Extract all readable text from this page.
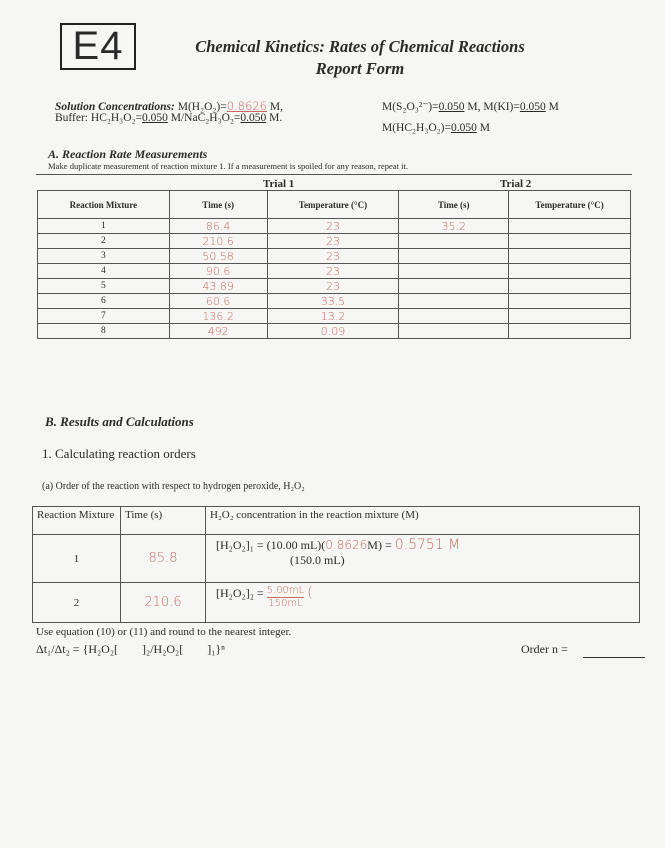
E4	Chemical Kinetics: Rates of Chemical Reactions
Report Form
Solution Concentrations: M(H₂O₂)=0.8626 M,	M(S₂O₃²⁻)=0.050 M, M(KI)=0.050 M
Buffer: HC₂H₃O₂=0.050 M/NaC₂H₃O₂=0.050 M.
M(HC₂H₃O₂)=0.050 M
A. Reaction Rate Measurements
Make duplicate measurement of reaction mixture 1. If a measurement is spoiled for any reason, repeat it.
Trial 1	Trial 2
Reaction Mixture	Time (s)	Temperature (°C)	Time (s)	Temperature (°C)
1	86.4	23	35.2	
2	210.6	23		
3	50.58	23		
4	90.6	23		
5	43.89	23		
6	60.6	33.5		
7	136.2	13.2		
8	492	0.09		
B. Results and Calculations
1. Calculating reaction orders
(a) Order of the reaction with respect to hydrogen peroxide, H₂O₂
Reaction Mixture	Time (s)	H₂O₂ concentration in the reaction mixture (M)
1	85.8	[H₂O₂]₁ = (10.00 mL)(0.8626M) = 0.5751 M
(150.0 mL)

2	210.6	$[H_2O_2]_2 = \frac{5.00mL}{150mL}$ (
Use equation (10) or (11) and round to the nearest integer.
Δt₁/Δt₂ = {H₂O₂[        ]₂/H₂O₂[        ]₁}ⁿ	Order n =
